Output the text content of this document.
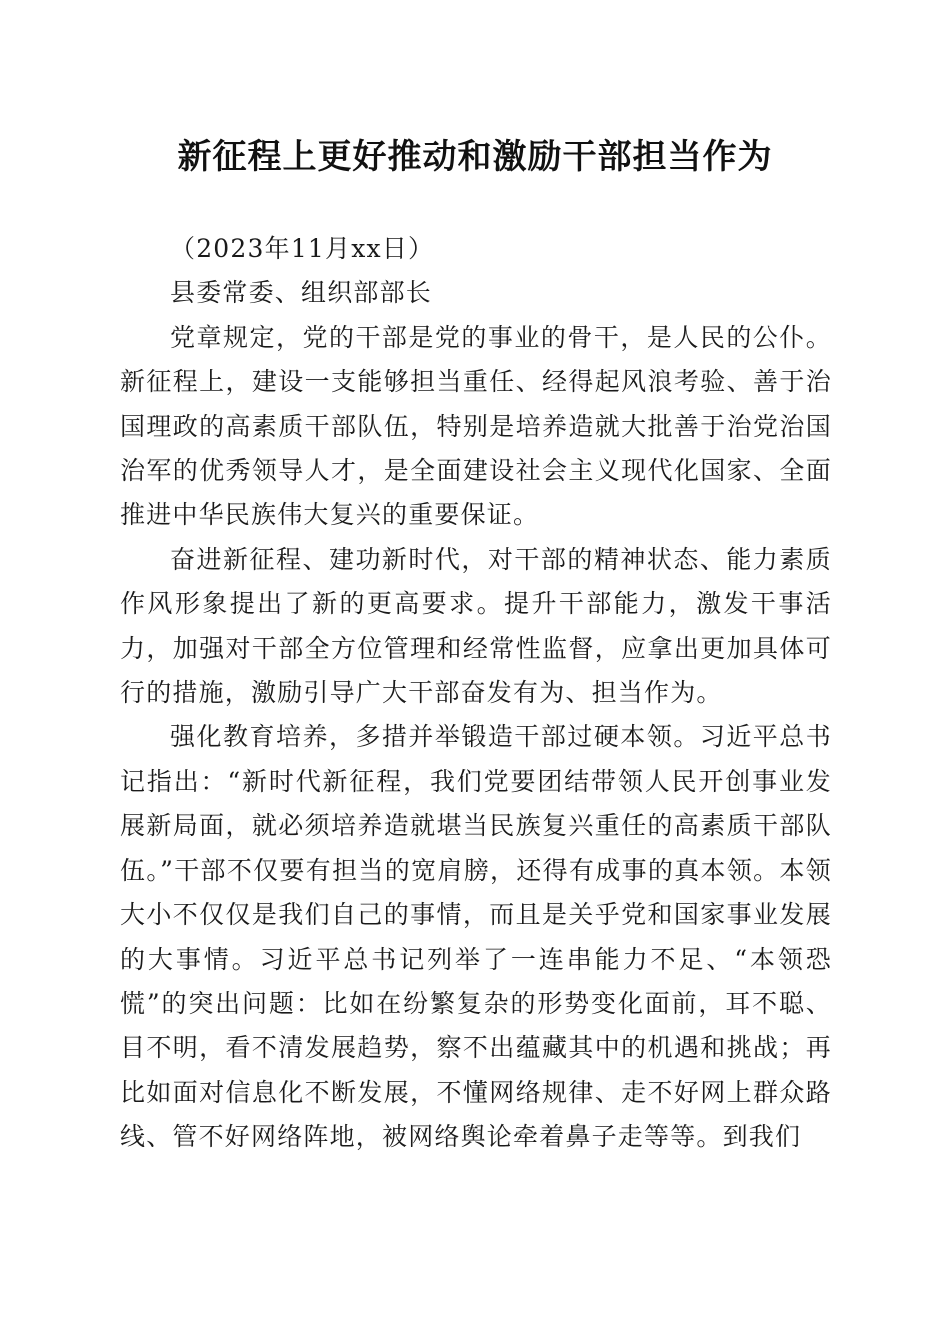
新征程上更好推动和激励干部担当作为

（2023年11月xx日）

县委常委、组织部部长

党章规定，党的干部是党的事业的骨干，是人民的公仆。新征程上，建设一支能够担当重任、经得起风浪考验、善于治国理政的高素质干部队伍，特别是培养造就大批善于治党治国治军的优秀领导人才，是全面建设社会主义现代化国家、全面推进中华民族伟大复兴的重要保证。

奋进新征程、建功新时代，对干部的精神状态、能力素质作风形象提出了新的更高要求。提升干部能力，激发干事活力，加强对干部全方位管理和经常性监督，应拿出更加具体可行的措施，激励引导广大干部奋发有为、担当作为。

强化教育培养，多措并举锻造干部过硬本领。习近平总书记指出：“新时代新征程，我们党要团结带领人民开创事业发展新局面，就必须培养造就堪当民族复兴重任的高素质干部队伍。”干部不仅要有担当的宽肩膀，还得有成事的真本领。本领大小不仅仅是我们自己的事情，而且是关乎党和国家事业发展的大事情。习近平总书记列举了一连串能力不足、“本领恐慌”的突出问题：比如在纷繁复杂的形势变化面前，耳不聪、目不明，看不清发展趋势，察不出蕴藏其中的机遇和挑战；再比如面对信息化不断发展，不懂网络规律、走不好网上群众路线、管不好网络阵地，被网络舆论牵着鼻子走等等。到我们
